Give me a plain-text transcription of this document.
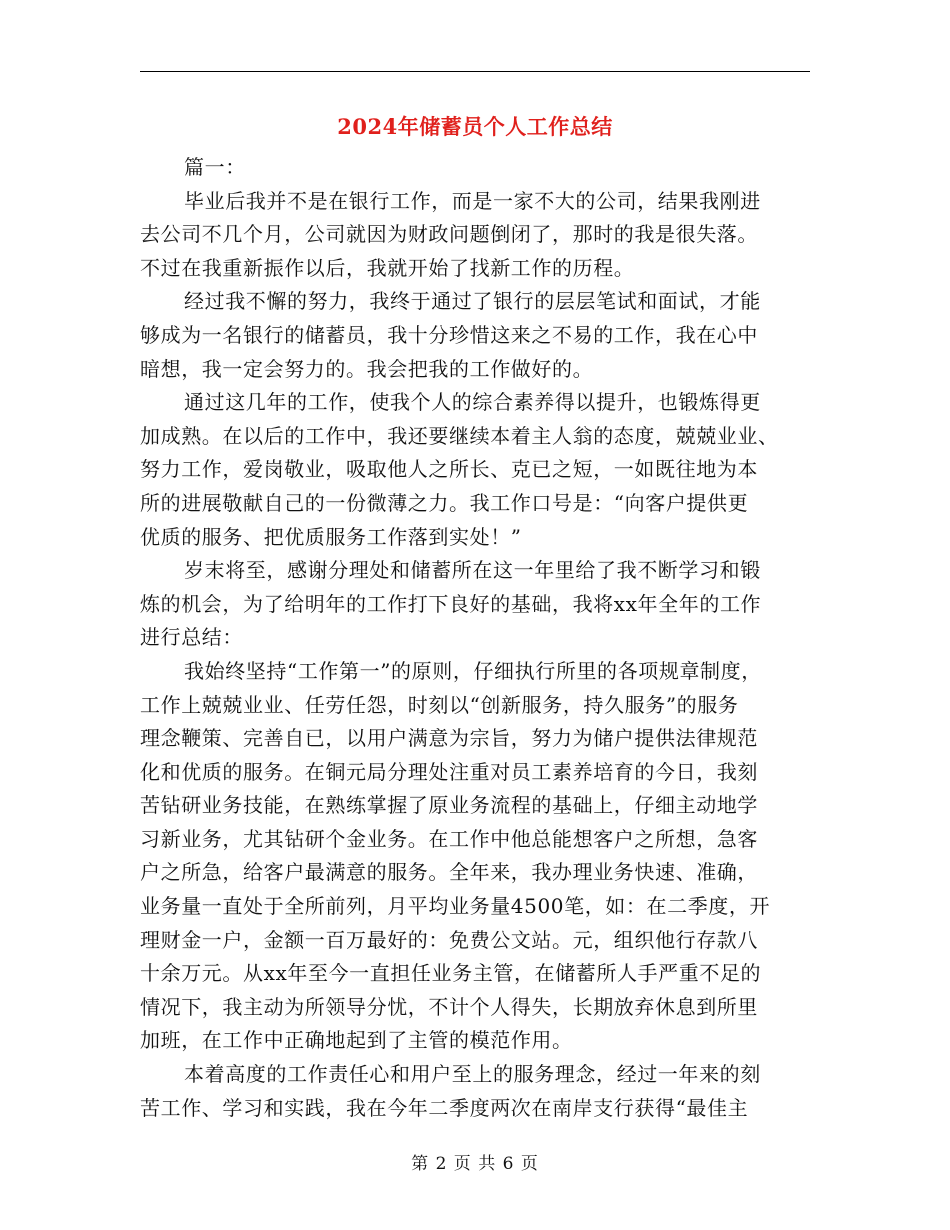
2024年储蓄员个人工作总结
篇一：
毕业后我并不是在银行工作，而是一家不大的公司，结果我刚进
去公司不几个月，公司就因为财政问题倒闭了，那时的我是很失落。
不过在我重新振作以后，我就开始了找新工作的历程。
经过我不懈的努力，我终于通过了银行的层层笔试和面试，才能
够成为一名银行的储蓄员，我十分珍惜这来之不易的工作，我在心中
暗想，我一定会努力的。我会把我的工作做好的。
通过这几年的工作，使我个人的综合素养得以提升，也锻炼得更
加成熟。在以后的工作中，我还要继续本着主人翁的态度，兢兢业业、
努力工作，爱岗敬业，吸取他人之所长、克已之短，一如既往地为本
所的进展敬献自己的一份微薄之力。我工作口号是：“向客户提供更
优质的服务、把优质服务工作落到实处！”
岁末将至，感谢分理处和储蓄所在这一年里给了我不断学习和锻
炼的机会，为了给明年的工作打下良好的基础，我将xx年全年的工作
进行总结：
我始终坚持“工作第一”的原则，仔细执行所里的各项规章制度，
工作上兢兢业业、任劳任怨，时刻以“创新服务，持久服务”的服务
理念鞭策、完善自已，以用户满意为宗旨，努力为储户提供法律规范
化和优质的服务。在铜元局分理处注重对员工素养培育的今日，我刻
苦钻研业务技能，在熟练掌握了原业务流程的基础上，仔细主动地学
习新业务，尤其钻研个金业务。在工作中他总能想客户之所想，急客
户之所急，给客户最满意的服务。全年来，我办理业务快速、准确，
业务量一直处于全所前列，月平均业务量4500笔，如：在二季度，开
理财金一户，金额一百万最好的：免费公文站。元，组织他行存款八
十余万元。从xx年至今一直担任业务主管，在储蓄所人手严重不足的
情况下，我主动为所领导分忧，不计个人得失，长期放弃休息到所里
加班，在工作中正确地起到了主管的模范作用。
本着高度的工作责任心和用户至上的服务理念，经过一年来的刻
苦工作、学习和实践，我在今年二季度两次在南岸支行获得“最佳主
第 2 页 共 6 页
